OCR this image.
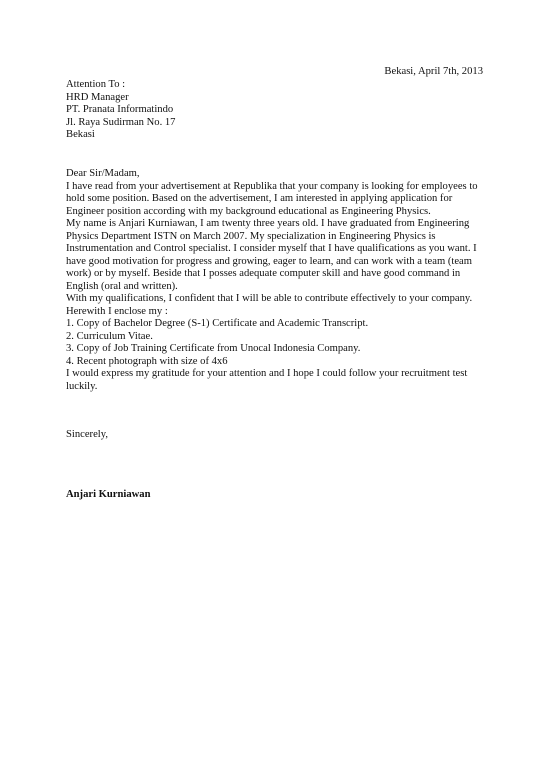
Bekasi, April 7th, 2013
Attention To :
HRD Manager
PT. Pranata Informatindo
Jl. Raya Sudirman No. 17
Bekasi

Dear Sir/Madam,

I have read from your advertisement at Republika that your company is looking for employees to hold some position. Based on the advertisement, I am interested in applying application for Engineer position according with my background educational as Engineering Physics.

My name is Anjari Kurniawan, I am twenty three years old. I have graduated from Engineering Physics Department ISTN on March 2007. My specialization in Engineering Physics is Instrumentation and Control specialist. I consider myself that I have qualifications as you want. I have good motivation for progress and growing, eager to learn, and can work with a team (team work) or by myself. Beside that I posses adequate computer skill and have good command in English (oral and written).

With my qualifications, I confident that I will be able to contribute effectively to your company. Herewith I enclose my :

1. Copy of Bachelor Degree (S-1) Certificate and Academic Transcript.
2. Curriculum Vitae.
3. Copy of Job Training Certificate from Unocal Indonesia Company.
4. Recent photograph with size of 4x6

I would express my gratitude for your attention and I hope I could follow your recruitment test luckily.

Sincerely,
Anjari Kurniawan
